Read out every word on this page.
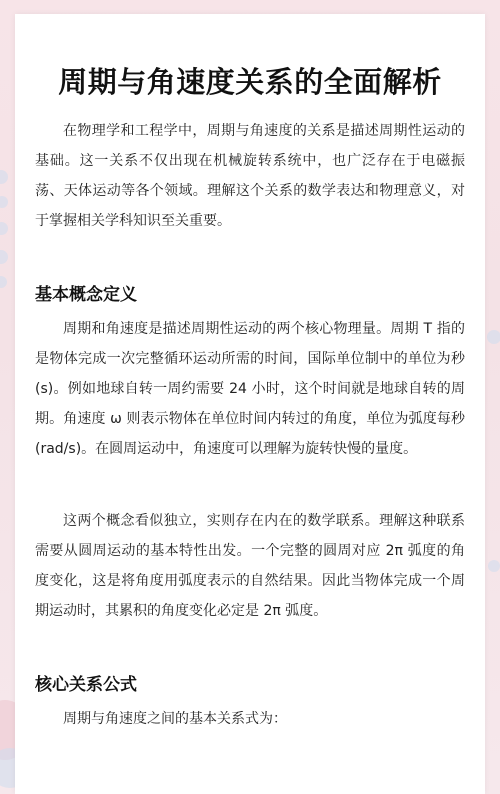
周期与角速度关系的全面解析

在物理学和工程学中，周期与角速度的关系是描述周期性运动的基础。这一关系不仅出现在机械旋转系统中，也广泛存在于电磁振荡、天体运动等各个领域。理解这个关系的数学表达和物理意义，对于掌握相关学科知识至关重要。

基本概念定义

周期和角速度是描述周期性运动的两个核心物理量。周期 T 指的是物体完成一次完整循环运动所需的时间，国际单位制中的单位为秒(s)。例如地球自转一周约需要 24 小时，这个时间就是地球自转的周期。角速度 ω 则表示物体在单位时间内转过的角度，单位为弧度每秒(rad/s)。在圆周运动中，角速度可以理解为旋转快慢的量度。

这两个概念看似独立，实则存在内在的数学联系。理解这种联系需要从圆周运动的基本特性出发。一个完整的圆周对应 2π 弧度的角度变化，这是将角度用弧度表示的自然结果。因此当物体完成一个周期运动时，其累积的角度变化必定是 2π 弧度。

核心关系公式

周期与角速度之间的基本关系式为：
